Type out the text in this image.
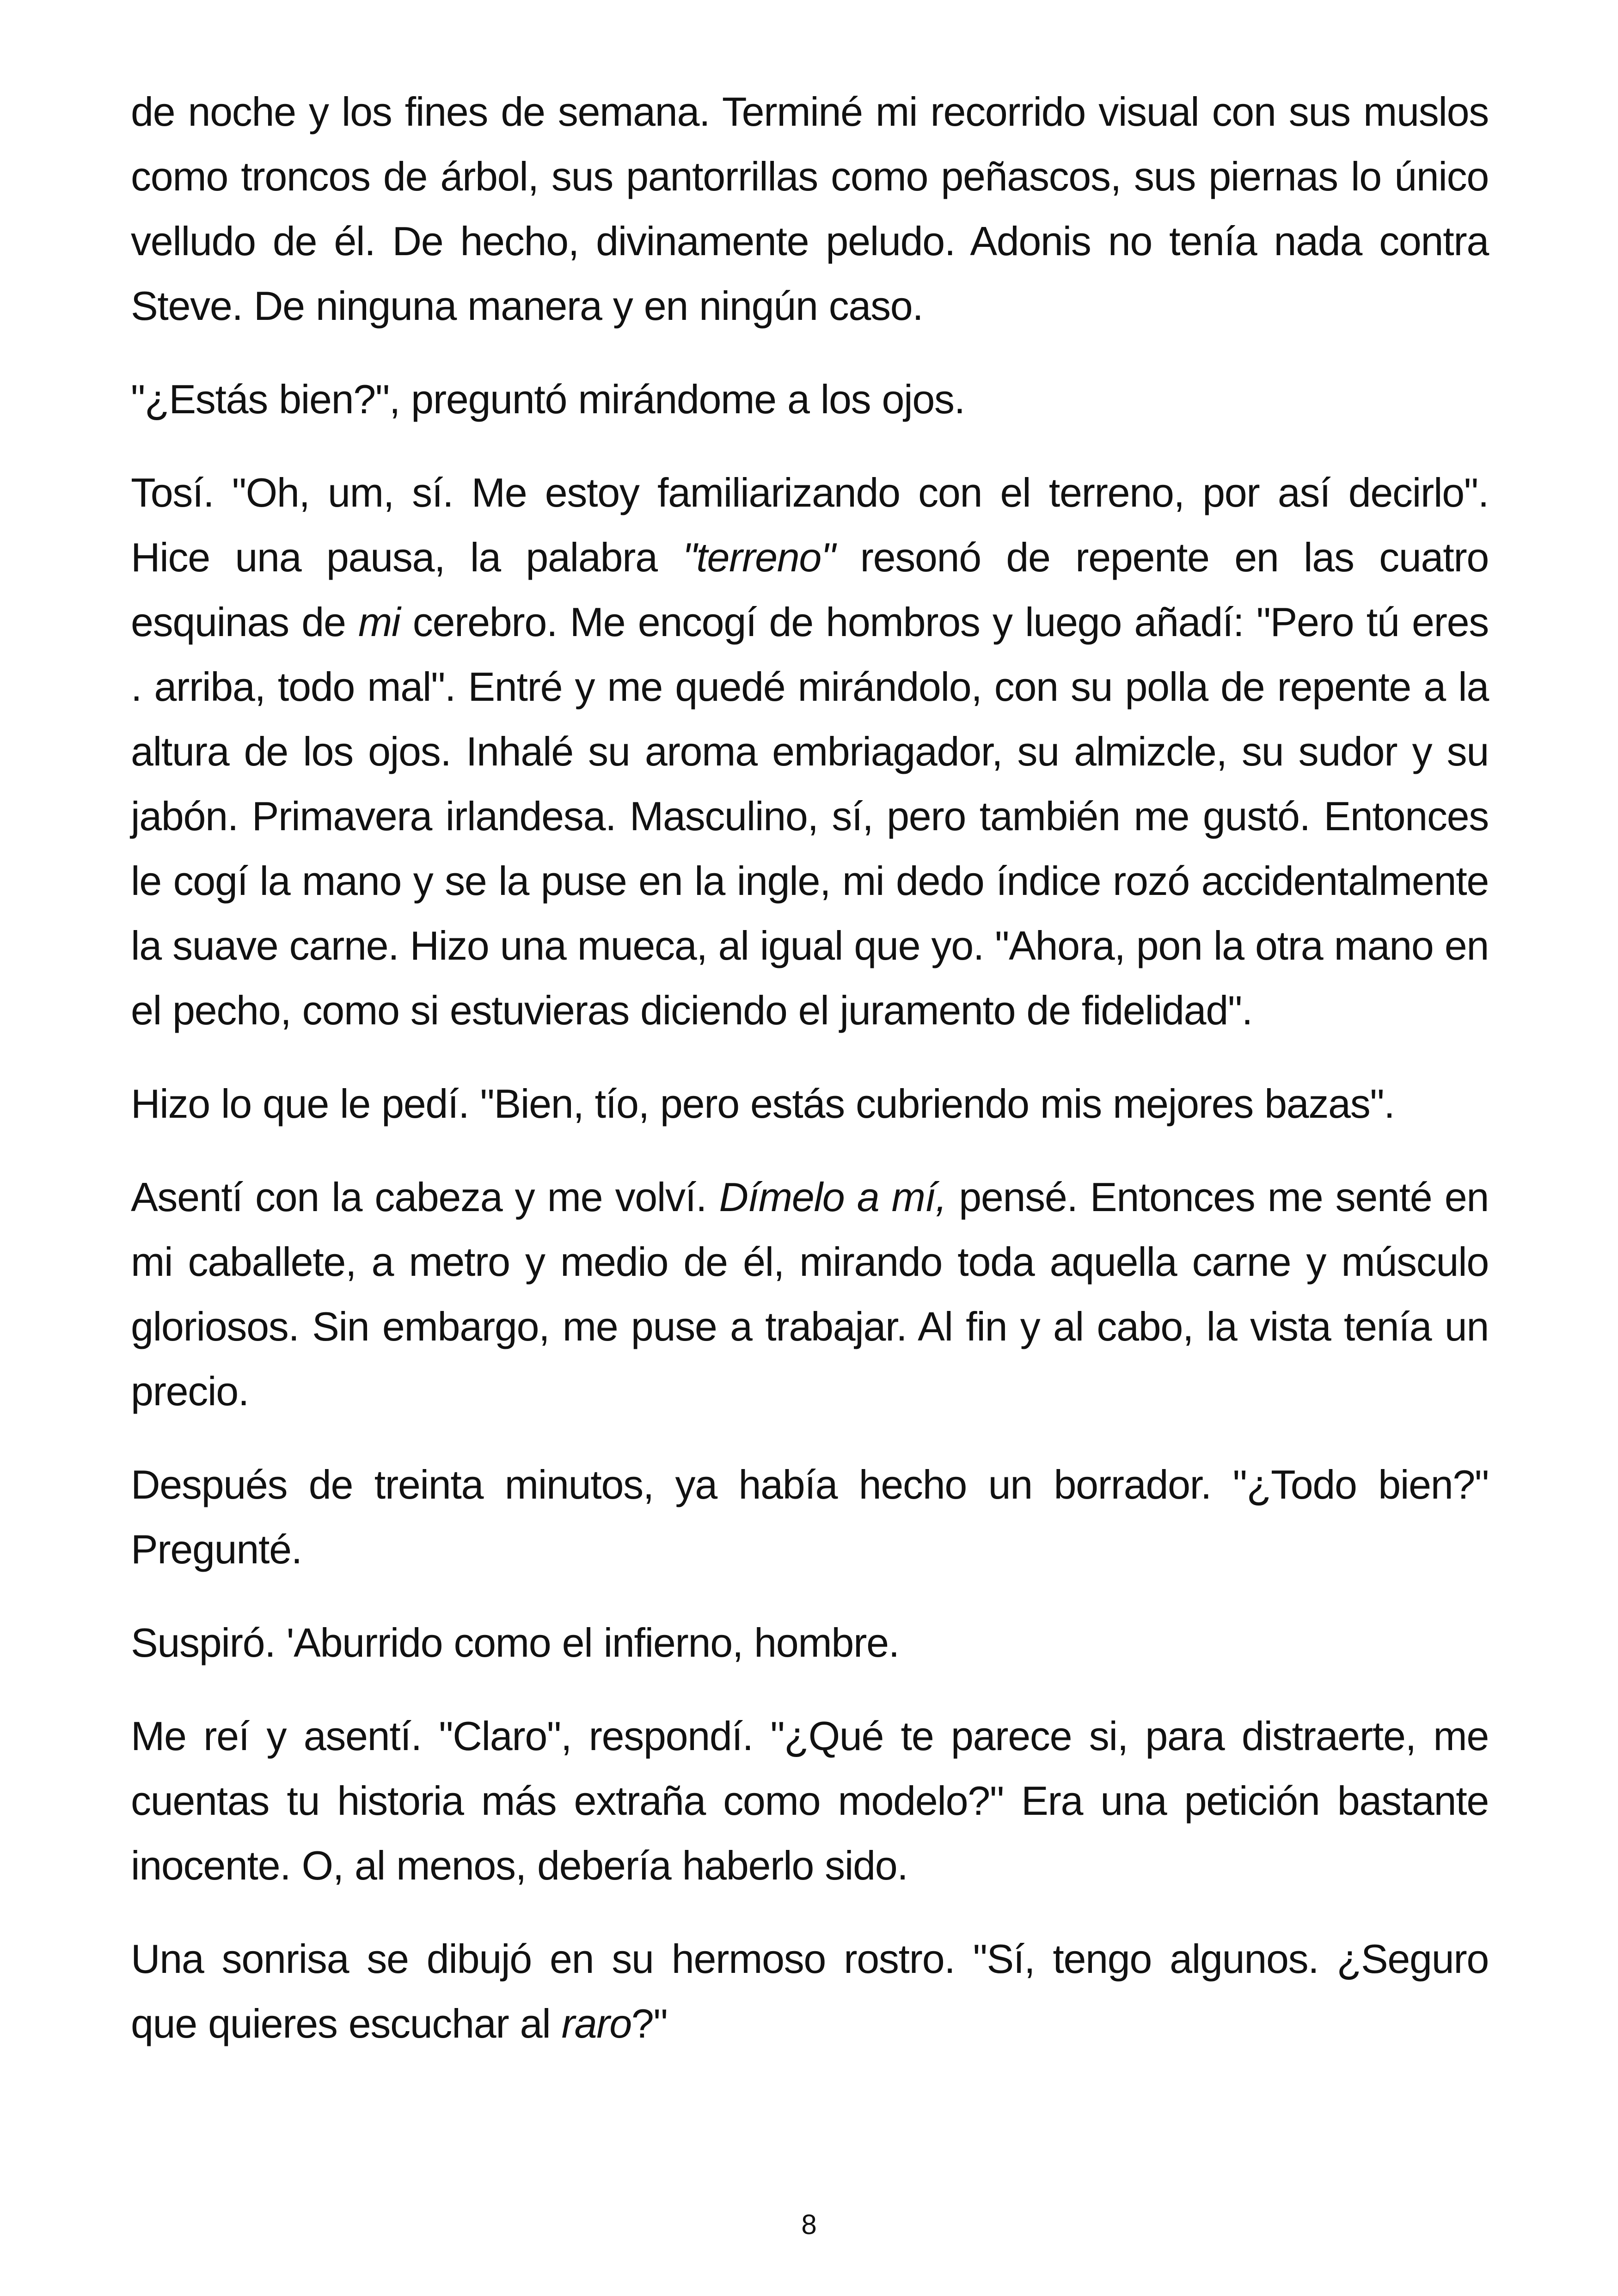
de noche y los fines de semana. Terminé mi recorrido visual con sus muslos como troncos de árbol, sus pantorrillas como peñascos, sus piernas lo único velludo de él. De hecho, divinamente peludo. Adonis no tenía nada contra Steve. De ninguna manera y en ningún caso.

"¿Estás bien?", preguntó mirándome a los ojos.

Tosí. "Oh, um, sí. Me estoy familiarizando con el terreno, por así decirlo". Hice una pausa, la palabra "terreno" resonó de repente en las cuatro esquinas de mi cerebro. Me encogí de hombros y luego añadí: "Pero tú eres . arriba, todo mal". Entré y me quedé mirándolo, con su polla de repente a la altura de los ojos. Inhalé su aroma embriagador, su almizcle, su sudor y su jabón. Primavera irlandesa. Masculino, sí, pero también me gustó. Entonces le cogí la mano y se la puse en la ingle, mi dedo índice rozó accidentalmente la suave carne. Hizo una mueca, al igual que yo. "Ahora, pon la otra mano en el pecho, como si estuvieras diciendo el juramento de fidelidad".

Hizo lo que le pedí. "Bien, tío, pero estás cubriendo mis mejores bazas".

Asentí con la cabeza y me volví. Dímelo a mí, pensé. Entonces me senté en mi caballete, a metro y medio de él, mirando toda aquella carne y músculo gloriosos. Sin embargo, me puse a trabajar. Al fin y al cabo, la vista tenía un precio.

Después de treinta minutos, ya había hecho un borrador. "¿Todo bien?" Pregunté.

Suspiró. 'Aburrido como el infierno, hombre.

Me reí y asentí. "Claro", respondí. "¿Qué te parece si, para distraerte, me cuentas tu historia más extraña como modelo?" Era una petición bastante inocente. O, al menos, debería haberlo sido.

Una sonrisa se dibujó en su hermoso rostro. "Sí, tengo algunos. ¿Seguro que quieres escuchar al raro?"

8
